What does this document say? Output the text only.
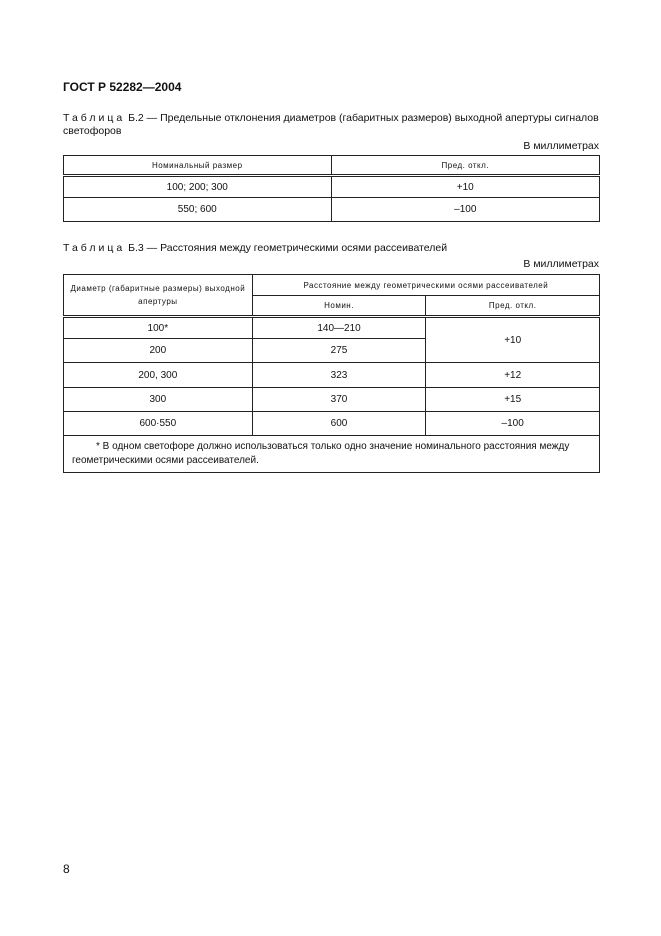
ГОСТ Р 52282—2004
Таблица Б.2 — Предельные отклонения диаметров (габаритных размеров) выходной апертуры сигналов светофоров
В миллиметрах
Номинальный размер	Пред. откл.
100; 200; 300	+10
550; 600	–100
Таблица Б.3 — Расстояния между геометрическими осями рассеивателей
В миллиметрах
Диаметр (габаритные размеры) выходной апертуры	Расстояние между геометрическими осями рассеивателей	
	Номин.	Пред. откл.
100*	140—210	+10
200	275	
200, 300	323	+12
300	370	+15
600·550	600	–100
* В одном светофоре должно использоваться только одно значение номинального расстояния между геометрическими осями рассеивателей.		
8
